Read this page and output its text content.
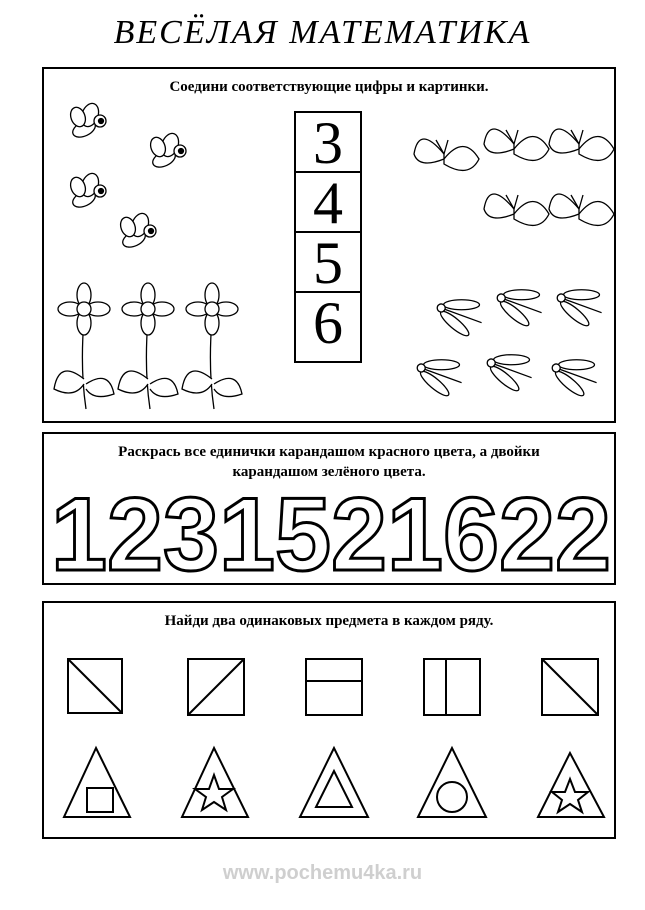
ВЕСЁЛАЯ МАТЕМАТИКА
Соедини соответствующие цифры и картинки.
3
4
5
6
Раскрась все единички карандашом красного цвета, а двойки
карандашом зелёного цвета.
1231521622
Найди два одинаковых предмета в каждом ряду.
www.pochemu4ka.ru
